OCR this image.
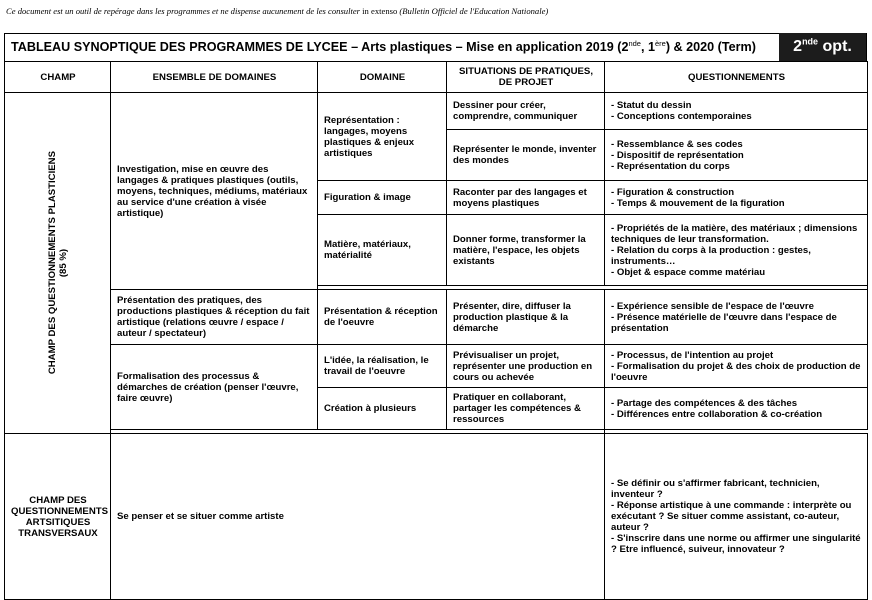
Ce document est un outil de repérage dans les programmes et ne dispense aucunement de les consulter in extenso (Bulletin Officiel de l'Education Nationale)
TABLEAU SYNOPTIQUE DES PROGRAMMES DE LYCEE – Arts plastiques – Mise en application 2019 (2nde, 1ère) & 2020 (Term)	2nde opt.
CHAMP	ENSEMBLE DE DOMAINES	DOMAINE	SITUATIONS DE PRATIQUES, DE PROJET	QUESTIONNEMENTS

CHAMP DES QUESTIONNEMENTS PLASTICIENS (85 %)	Investigation, mise en œuvre des langages & pratiques plastiques (outils, moyens, techniques, médiums, matériaux au service d'une création à visée artistique)	Représentation : langages, moyens plastiques & enjeux artistiques	Dessiner pour créer, comprendre, communiquer	- Statut du dessin
- Conceptions contemporaines

			Représenter le monde, inventer des mondes	- Ressemblance & ses codes
- Dispositif de représentation
- Représentation du corps

		Figuration & image	Raconter par des langages et moyens plastiques	- Figuration & construction
- Temps & mouvement de la figuration

		Matière, matériaux, matérialité	Donner forme, transformer la matière, l'espace, les objets existants	- Propriétés de la matière, des matériaux ; dimensions techniques de leur transformation.
- Relation du corps à la production : gestes, instruments…
- Objet & espace comme matériau

	Présentation des pratiques, des productions plastiques & réception du fait artistique (relations œuvre / espace / auteur / spectateur)	Présentation & réception de l'oeuvre	Présenter, dire, diffuser la production plastique & la démarche	- Expérience sensible de l'espace de l'œuvre
- Présence matérielle de l'œuvre dans l'espace de présentation

	Formalisation des processus & démarches de création (penser l'œuvre, faire œuvre)	L'idée, la réalisation, le travail de l'oeuvre	Prévisualiser un projet, représenter une production en cours ou achevée	- Processus, de l'intention au projet
- Formalisation du projet & des choix de production de l'oeuvre

		Création à plusieurs	Pratiquer en collaborant, partager les compétences & ressources	- Partage des compétences & des tâches
- Différences entre collaboration & co-création

CHAMP DES QUESTIONNEMENTS ARTSITIQUES TRANSVERSAUX	Se penser et se situer comme artiste			- Se définir ou s'affirmer fabricant, technicien, inventeur ?
- Réponse artistique à une commande : interprète ou exécutant ? Se situer comme assistant, co-auteur, auteur ?
- S'inscrire dans une norme ou affirmer une singularité ? Etre influencé, suiveur, innovateur ?
